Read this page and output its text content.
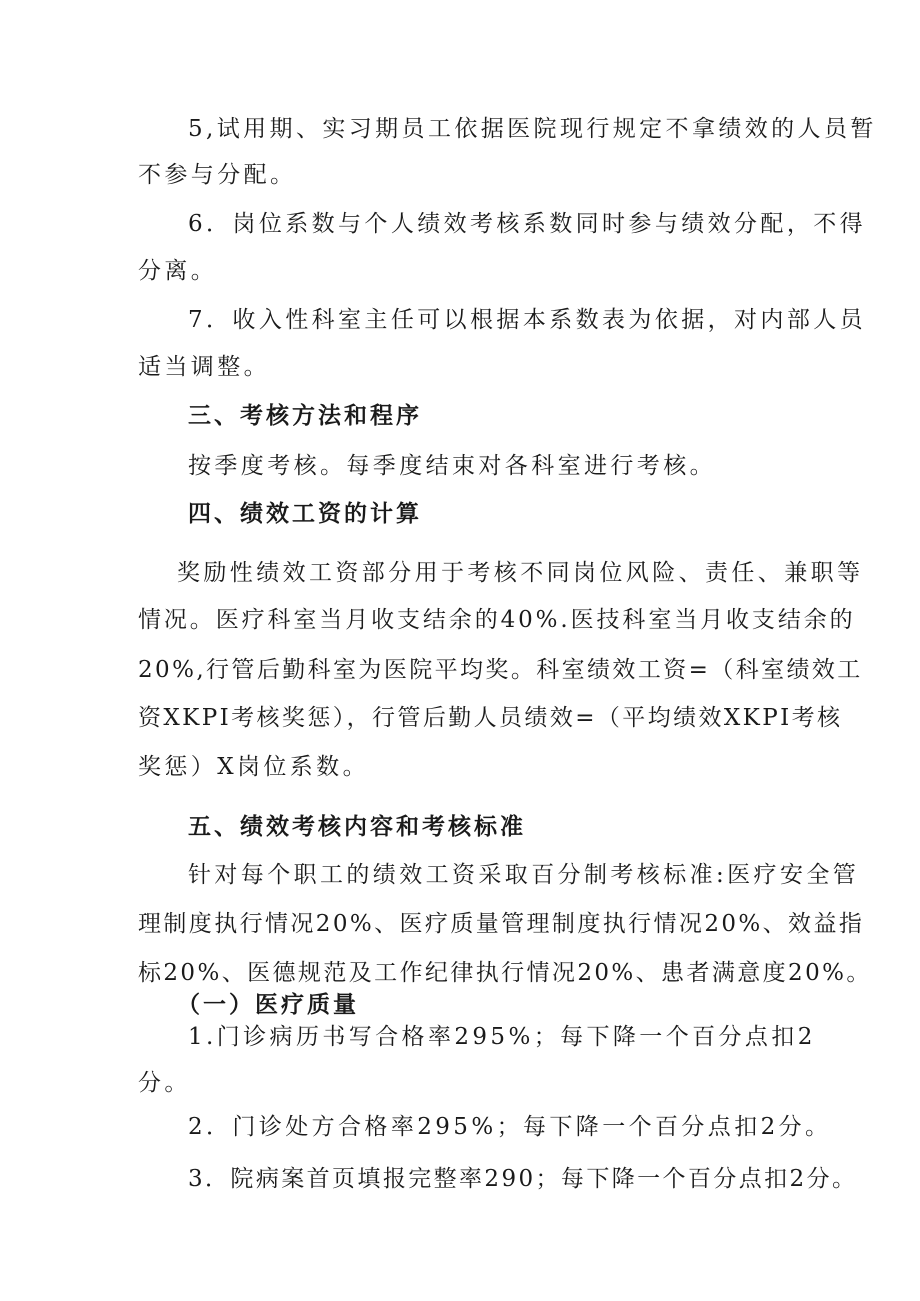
5,试用期、实习期员工依据医院现行规定不拿绩效的人员暂
不参与分配。
6．岗位系数与个人绩效考核系数同时参与绩效分配，不得
分离。
7．收入性科室主任可以根据本系数表为依据，对内部人员
适当调整。
三、考核方法和程序
按季度考核。每季度结束对各科室进行考核。
四、绩效工资的计算
奖励性绩效工资部分用于考核不同岗位风险、责任、兼职等
情况。医疗科室当月收支结余的40%.医技科室当月收支结余的
20%,行管后勤科室为医院平均奖。科室绩效工资=（科室绩效工
资XKPI考核奖惩），行管后勤人员绩效=（平均绩效XKPI考核
奖惩）X岗位系数。
五、绩效考核内容和考核标准
针对每个职工的绩效工资采取百分制考核标准:医疗安全管
理制度执行情况20%、医疗质量管理制度执行情况20%、效益指
标20%、医德规范及工作纪律执行情况20%、患者满意度20%。
（一）医疗质量
1.门诊病历书写合格率295%；每下降一个百分点扣2
分。
2．门诊处方合格率295%；每下降一个百分点扣2分。
3．院病案首页填报完整率290；每下降一个百分点扣2分。
